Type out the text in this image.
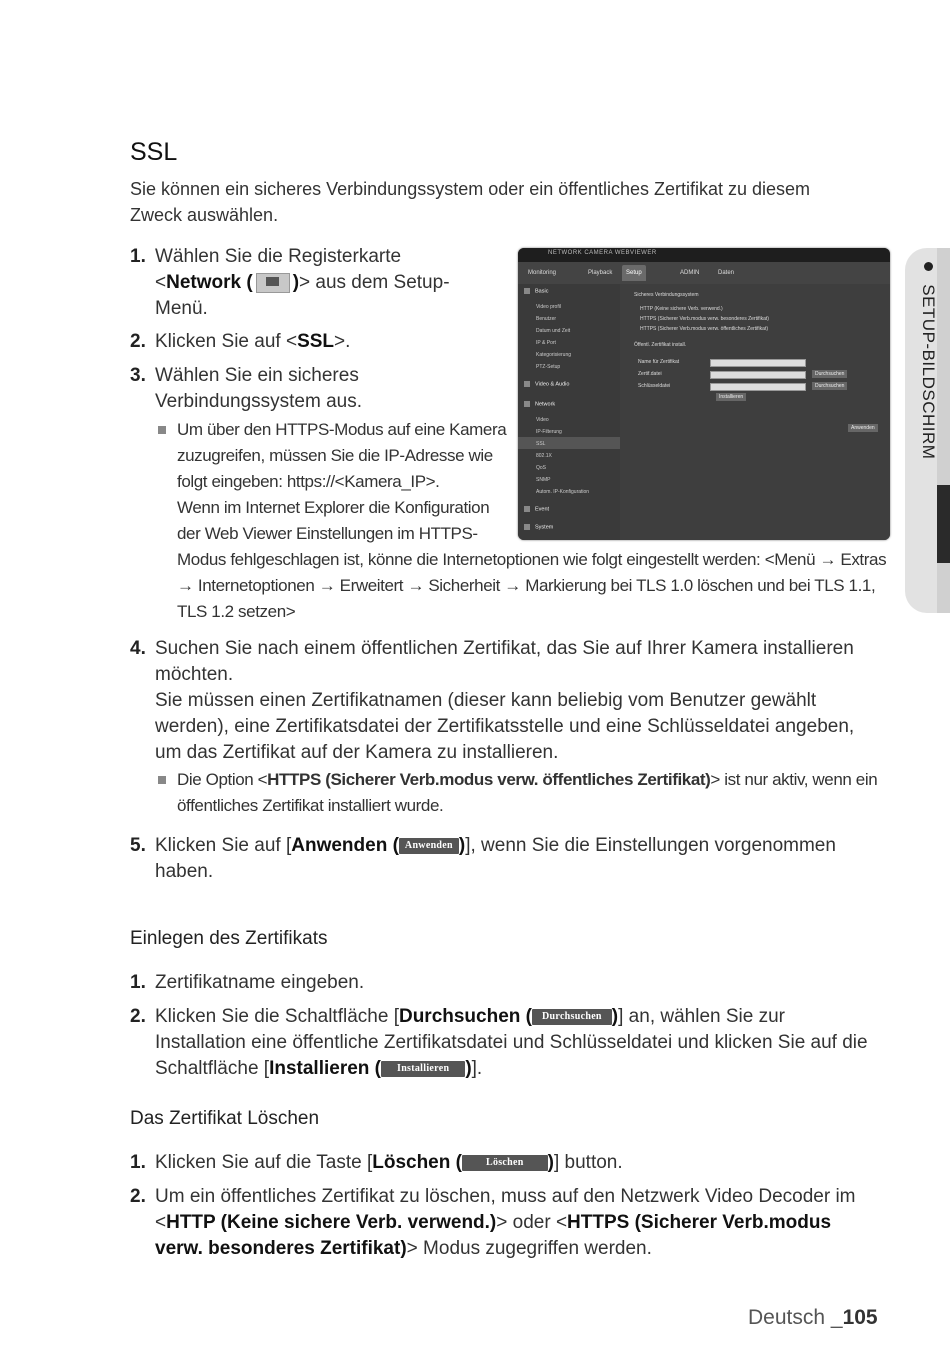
SETUP-BILDSCHIRM
SSL

Sie können ein sicheres Verbindungssystem oder ein öffentliches Zertifikat zu diesem Zweck auswählen.

1. Wählen Sie die Registerkarte
<Network ( )> aus dem Setup-
Menü.
2. Klicken Sie auf <SSL>.
3. Wählen Sie ein sicheres
Verbindungssystem aus.
Um über den HTTPS-Modus auf eine Kamera
zuzugreifen, müssen Sie die IP-Adresse wie
folgt eingeben: https://<Kamera_IP>.
Wenn im Internet Explorer die Konfiguration
der Web Viewer Einstellungen im HTTPS-
Modus fehlgeschlagen ist, könne die Internetoptionen wie folgt eingestellt werden: <Menü → Extras
→ Internetoptionen → Erweitert → Sicherheit → Markierung bei TLS 1.0 löschen und bei TLS 1.1,
TLS 1.2 setzen>
NETWORK CAMERA WEBVIEWER
Monitoring	Playback	Setup	ADMIN	Daten
Basic
Video profil
Benutzer
Datum und Zeit
IP & Port
Kategorisierung
PTZ-Setup
Video & Audio
Network
Video
IP-Filterung
SSL
802.1X
QoS
SNMP
Autom. IP-Konfiguration
Event
System
Sicheres Verbindungssystem
HTTP (Keine sichere Verb. verwend.)
HTTPS (Sicherer Verb.modus verw. besonderes Zertifikat)
HTTPS (Sicherer Verb.modus verw. öffentliches Zertifikat)
Öffentl. Zertifikat install.
Name für Zertifikat
Zertif.datei
Schlüsseldatei
Durchsuchen
Durchsuchen
Installieren
Anwenden
4. Suchen Sie nach einem öffentlichen Zertifikat, das Sie auf Ihrer Kamera installieren
möchten.
Sie müssen einen Zertifikatnamen (dieser kann beliebig vom Benutzer gewählt
werden), eine Zertifikatsdatei der Zertifikatsstelle und eine Schlüsseldatei angeben,
um das Zertifikat auf der Kamera zu installieren.
Die Option <HTTPS (Sicherer Verb.modus verw. öffentliches Zertifikat)> ist nur aktiv, wenn ein
öffentliches Zertifikat installiert wurde.
5. Klicken Sie auf [Anwenden ( Anwenden )], wenn Sie die Einstellungen vorgenommen
haben.
Einlegen des Zertifikats
1. Zertifikatname eingeben.
2. Klicken Sie die Schaltfläche [Durchsuchen ( Durchsuchen )] an, wählen Sie zur
Installation eine öffentliche Zertifikatsdatei und Schlüsseldatei und klicken Sie auf die
Schaltfläche [Installieren ( Installieren )].
Das Zertifikat Löschen
1. Klicken Sie auf die Taste [Löschen ( Löschen )] button.
2. Um ein öffentliches Zertifikat zu löschen, muss auf den Netzwerk Video Decoder im
<HTTP (Keine sichere Verb. verwend.)> oder <HTTPS (Sicherer Verb.modus
verw. besonderes Zertifikat)> Modus zugegriffen werden.
Deutsch _105
